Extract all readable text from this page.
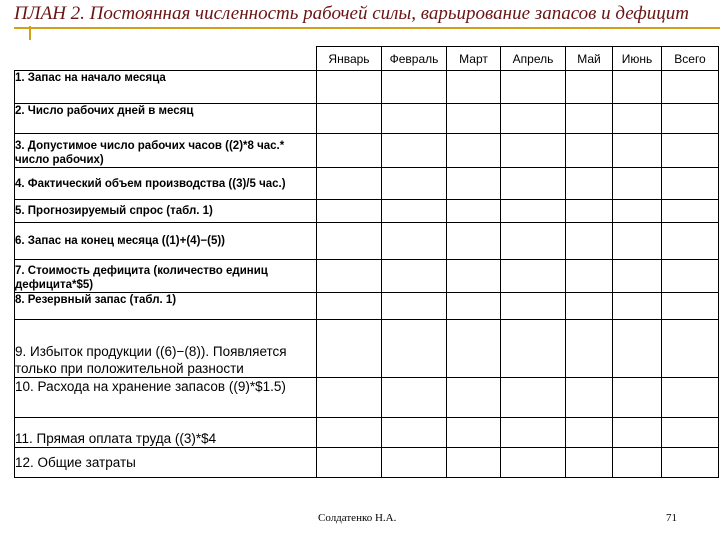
ПЛАН 2. Постоянная численность рабочей силы, варьирование запасов и дефицит
	Январь	Февраль	Март	Апрель	Май	Июнь	Всего
1. Запас на начало месяца							
2. Число рабочих дней в месяц							
3. Допустимое число рабочих часов ((2)*8 час.* число рабочих)							
4. Фактический объем производства ((3)/5 час.)							
5. Прогнозируемый спрос (табл. 1)							
6. Запас на конец месяца ((1)+(4)−(5))							
7. Стоимость дефицита (количество единиц дефицита*$5)							
8. Резервный запас (табл. 1)							
9. Избыток продукции ((6)−(8)). Появляется только при положительной разности							
10. Расхода на хранение запасов ((9)*$1.5)							
11. Прямая оплата труда ((3)*$4							
12. Общие затраты							
Солдатенко Н.А.	71
